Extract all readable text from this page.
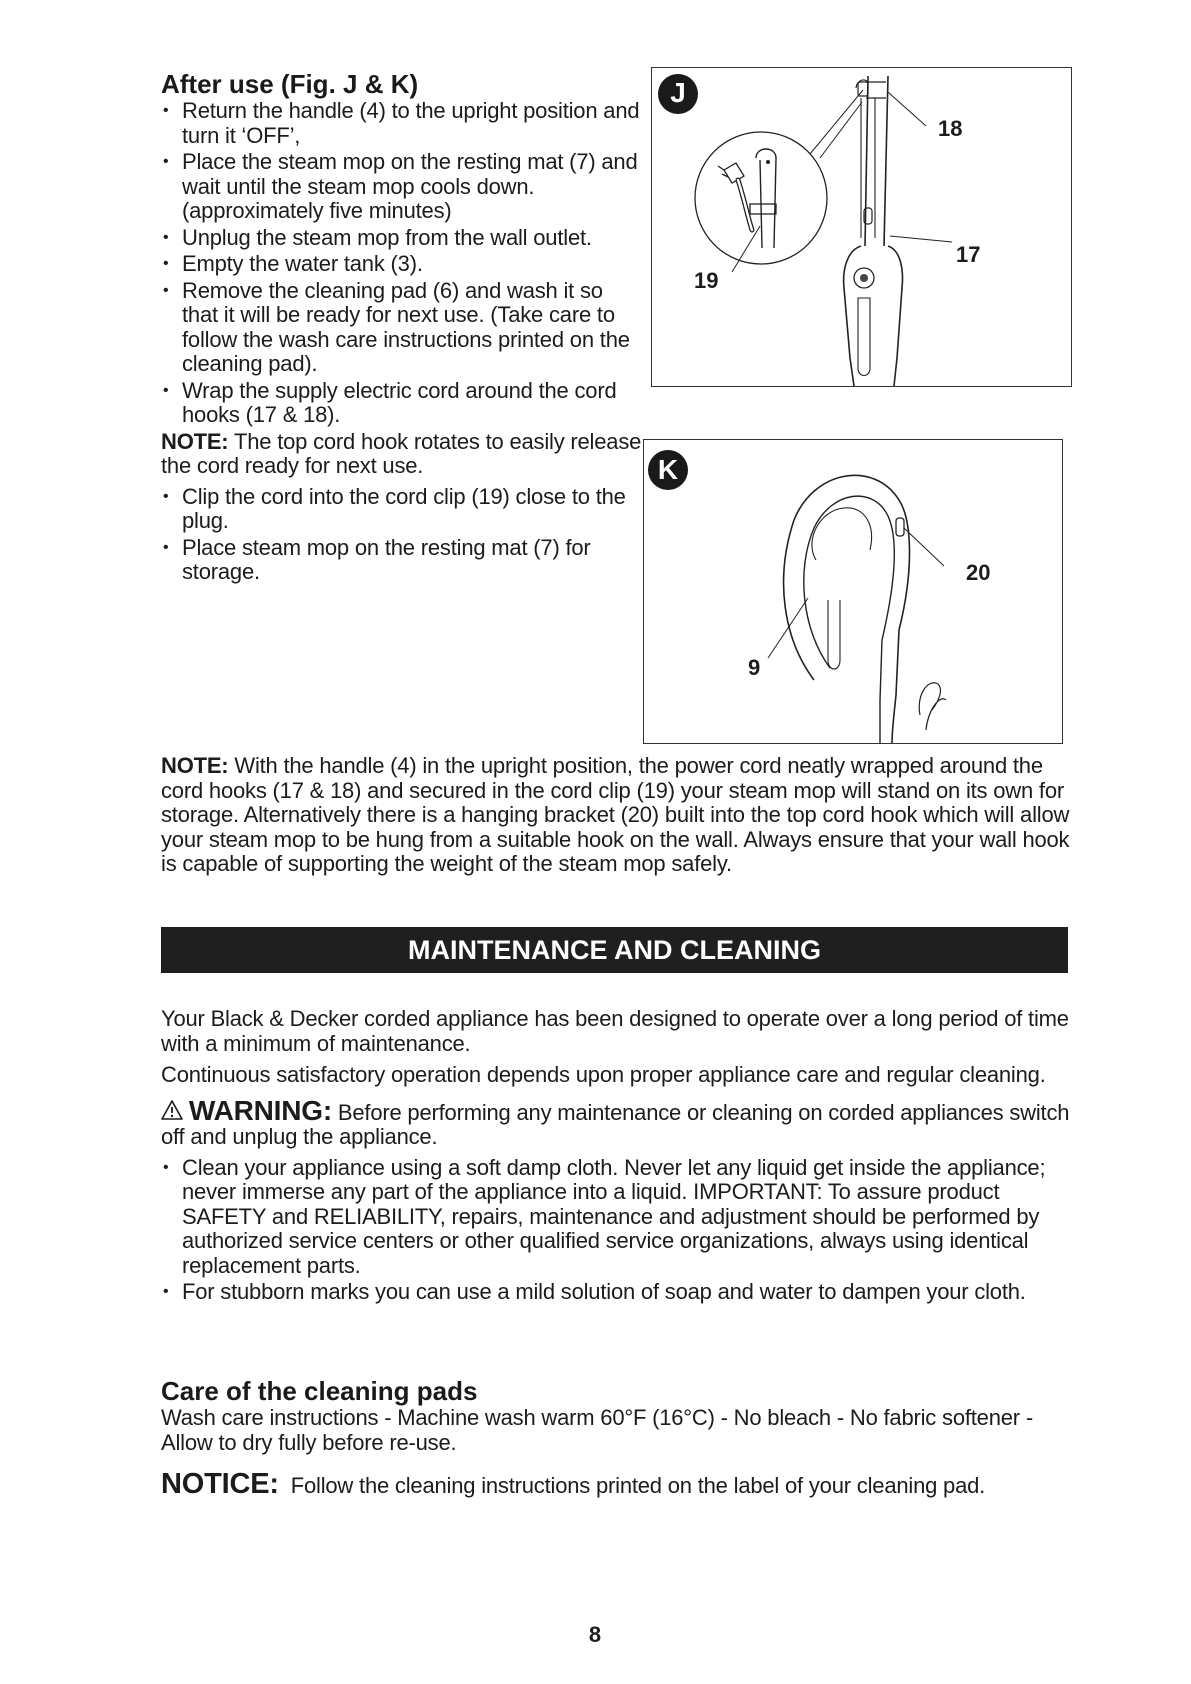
After use (Fig. J & K)
• Return the handle (4) to the upright position and turn it ‘OFF’,
• Place the steam mop on the resting mat (7) and wait until the steam mop cools down. (approximately five minutes)
• Unplug the steam mop from the wall outlet.
• Empty the water tank (3).
• Remove the cleaning pad (6) and wash it so that it will be ready for next use. (Take care to follow the wash care instructions printed on the cleaning pad).
• Wrap the supply electric cord around the cord hooks (17 & 18).

NOTE: The top cord hook rotates to easily release the cord ready for next use.

• Clip the cord into the cord clip (19) close to the plug.
• Place steam mop on the resting mat (7) for storage.
J
18
17
19
K
20
9

NOTE: With the handle (4) in the upright position, the power cord neatly wrapped around the cord hooks (17 & 18) and secured in the cord clip (19) your steam mop will stand on its own for storage. Alternatively there is a hanging bracket (20) built into the top cord hook which will allow your steam mop to be hung from a suitable hook on the wall. Always ensure that your wall hook is capable of supporting the weight of the steam mop safely.

MAINTENANCE AND CLEANING

Your Black & Decker corded appliance has been designed to operate over a long period of time with a minimum of maintenance.

Continuous satisfactory operation depends upon proper appliance care and regular cleaning.

WARNING: Before performing any maintenance or cleaning on corded appliances switch off and unplug the appliance.

• Clean your appliance using a soft damp cloth. Never let any liquid get inside the appliance; never immerse any part of the appliance into a liquid. IMPORTANT: To assure product SAFETY and RELIABILITY, repairs, maintenance and adjustment should be performed by authorized service centers or other qualified service organizations, always using identical replacement parts.
• For stubborn marks you can use a mild solution of soap and water to dampen your cloth.
Care of the cleaning pads

Wash care instructions - Machine wash warm 60°F (16°C) - No bleach - No fabric softener - Allow to dry fully before re-use.

NOTICE: Follow the cleaning instructions printed on the label of your cleaning pad.

8
